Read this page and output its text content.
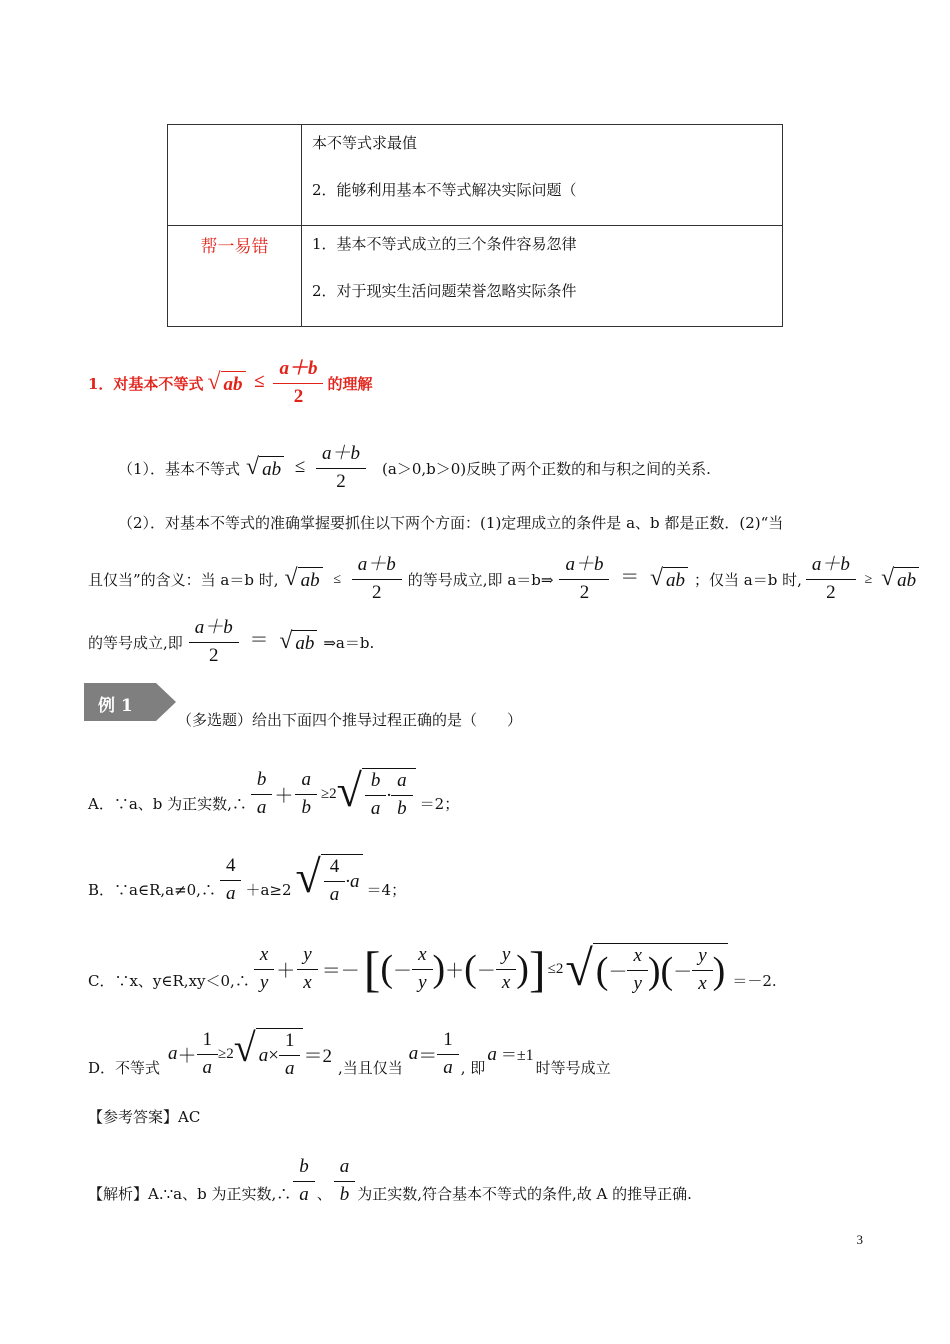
	本不等式求最值
2．能够利用基本不等式解决实际问题（

帮一易错	1．基本不等式成立的三个条件容易忽律
2．对于现实生活问题荣誉忽略实际条件
1．对基本不等式 √ ab ≤ $\frac{a+b}{2}$ 的理解
（1）．基本不等式 √ ab ≤ $\frac{a+b}{2} (a>0,b>0)$反映了两个正数的和与积之间的关系.
（2）．对基本不等式的准确掌握要抓住以下两个方面：(1)定理成立的条件是 a、b 都是正数．(2)“当
且仅当”的含义：当 a＝b 时, √ ab ≤ $\frac{a+b}{2}$ 的等号成立,即 a＝b⇒ $\frac{a+b}{2}$ ＝ √ ab ；仅当 a＝b 时, $\frac{a+b}{2}$ ≥ √ ab
的等号成立,即 $\frac{a+b}{2}$ ＝ √ ab ⇒a＝b.
例 1
（多选题）给出下面四个推导过程正确的是（　　）
A．∵a、b 为正实数,∴ $\frac{b}{a} + \frac{a}{b} \ge 2$ √ $\frac{b}{a} \cdot \frac{a}{b} =2$；
B．∵a∈R,a≠0,∴ $\frac{4}{a} +a\ge 2$ √ $\frac{4}{a} \cdot a =4$；
C．∵x、y∈R,xy＜0,∴ $\frac{x}{y} + \frac{y}{x}$ ＝－ [ ( － $\frac{x}{y}$ ) ＋ ( － $\frac{y}{x}$ ) ] ≤2 √ ( － $\frac{x}{y}$ ) ( － $\frac{y}{x}$ ) ＝－2.
D．不等式
$a + \frac{1}{a} \ge 2$ √ $a \times \frac{1}{a} =2$
,当且仅当
$a = \frac{1}{a}$ , 即
a ＝±1
时等号成立
【参考答案】AC
【解析】A.∵a、b 为正实数,∴ $\frac{b}{a}$ 、 $\frac{a}{b}$ 为正实数,符合基本不等式的条件,故 A 的推导正确.
3
